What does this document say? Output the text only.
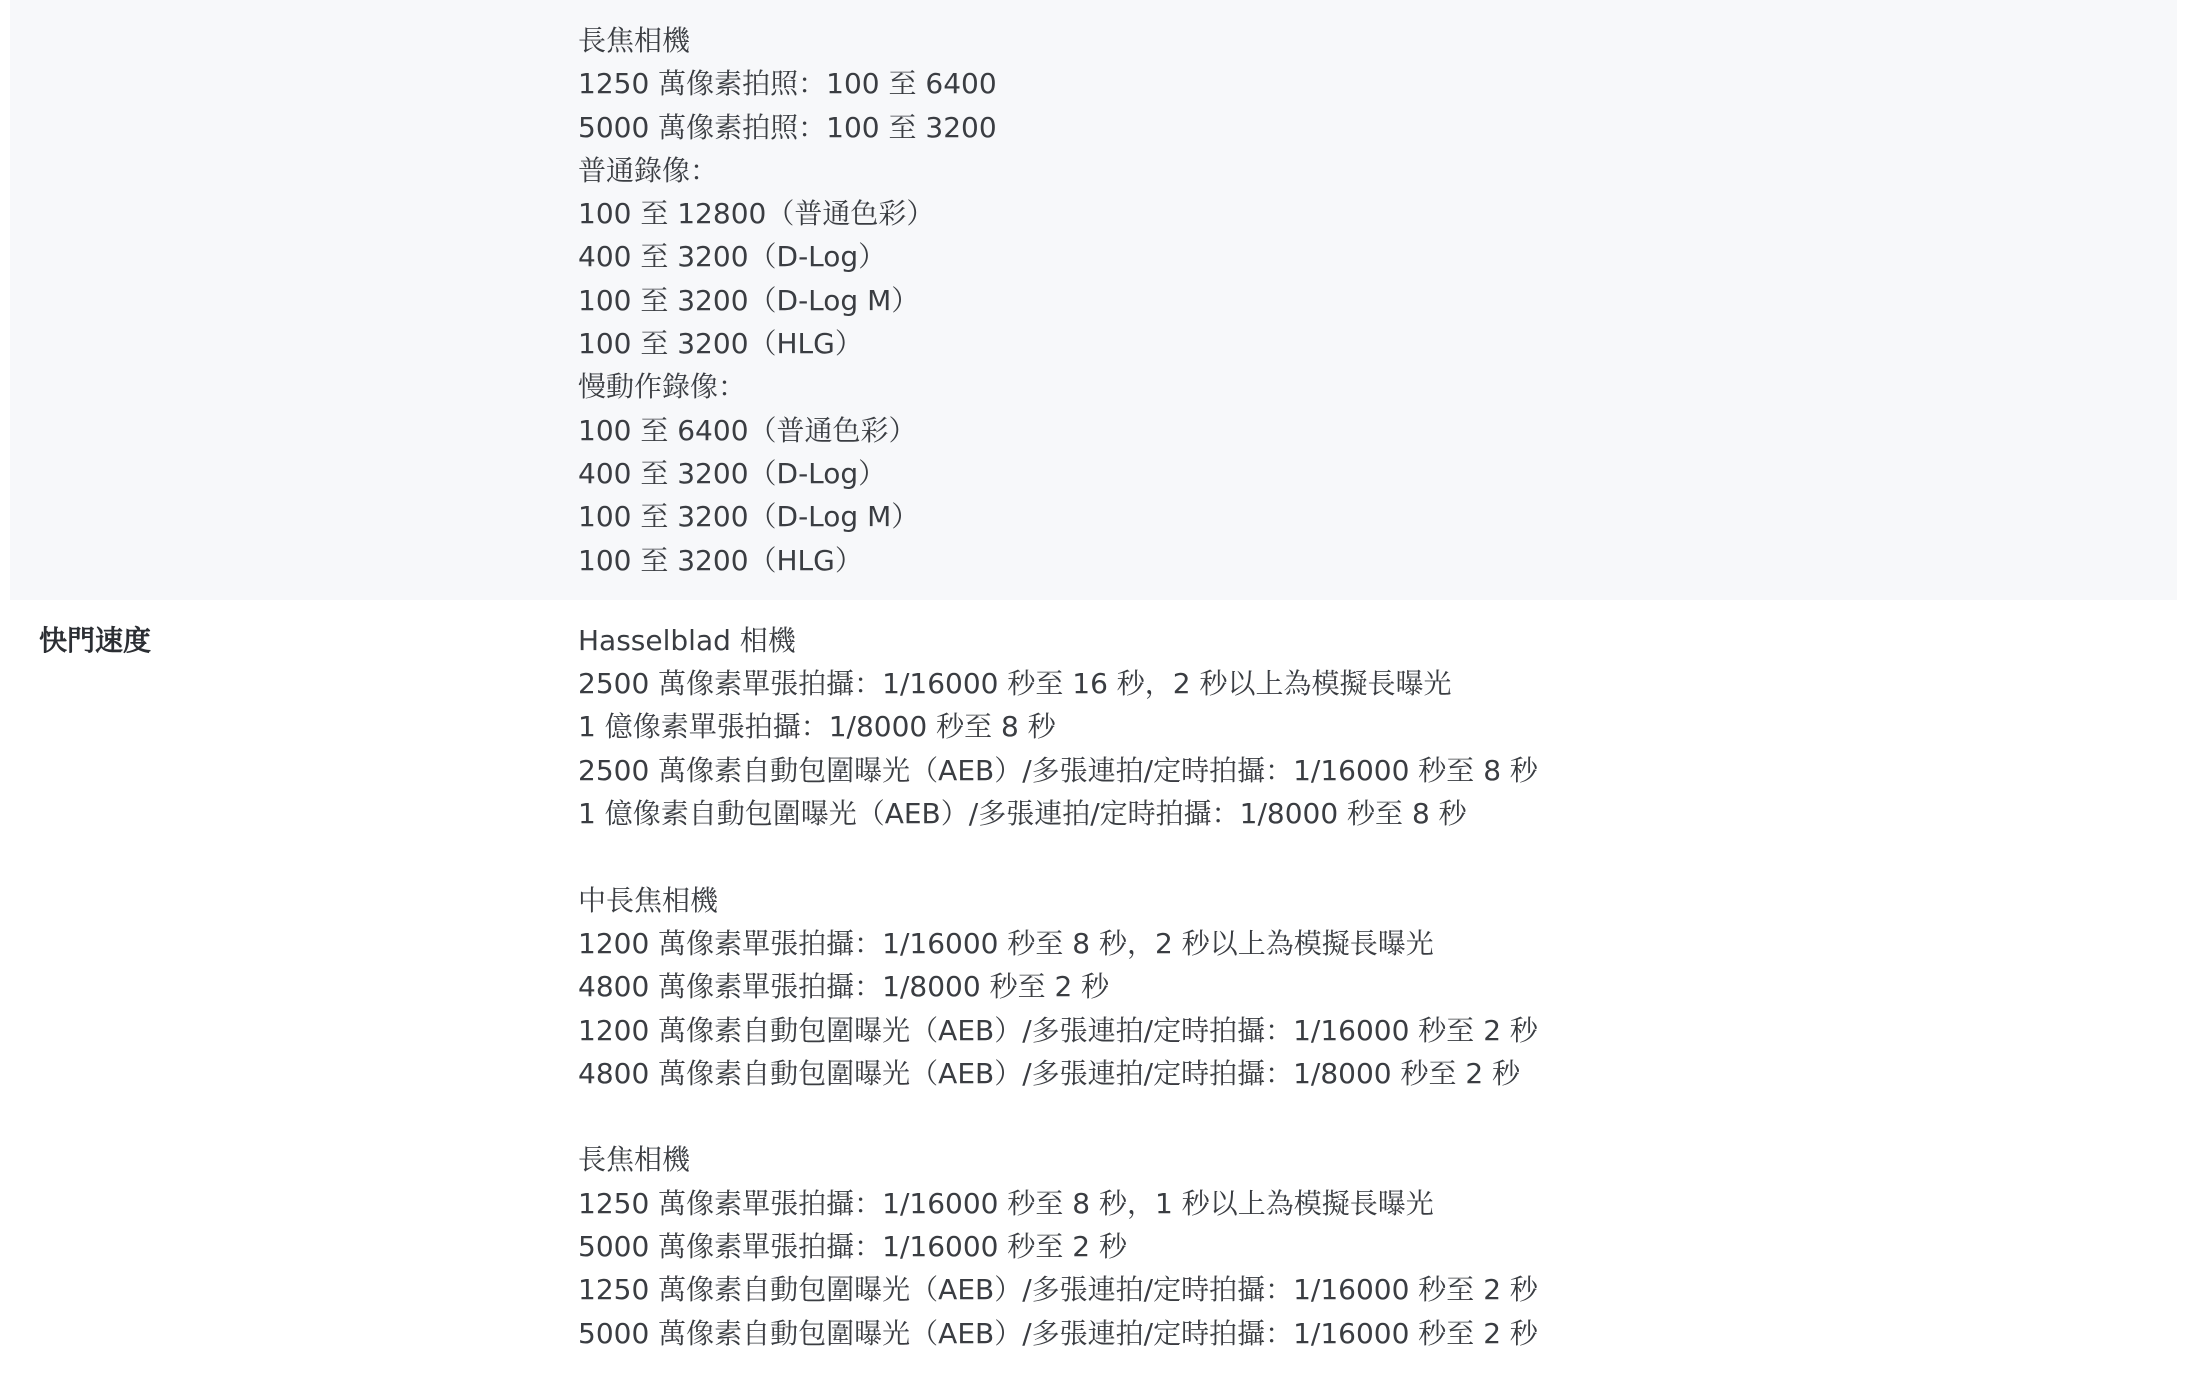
長焦相機
1250 萬像素拍照：100 至 6400
5000 萬像素拍照：100 至 3200
普通錄像：
100 至 12800（普通色彩）
400 至 3200（D-Log）
100 至 3200（D-Log M）
100 至 3200（HLG）
慢動作錄像：
100 至 6400（普通色彩）
400 至 3200（D-Log）
100 至 3200（D-Log M）
100 至 3200（HLG）
快門速度	Hasselblad 相機
2500 萬像素單張拍攝：1/16000 秒至 16 秒，2 秒以上為模擬長曝光
1 億像素單張拍攝：1/8000 秒至 8 秒
2500 萬像素自動包圍曝光（AEB）/多張連拍/定時拍攝：1/16000 秒至 8 秒
1 億像素自動包圍曝光（AEB）/多張連拍/定時拍攝：1/8000 秒至 8 秒
中長焦相機
1200 萬像素單張拍攝：1/16000 秒至 8 秒，2 秒以上為模擬長曝光
4800 萬像素單張拍攝：1/8000 秒至 2 秒
1200 萬像素自動包圍曝光（AEB）/多張連拍/定時拍攝：1/16000 秒至 2 秒
4800 萬像素自動包圍曝光（AEB）/多張連拍/定時拍攝：1/8000 秒至 2 秒
長焦相機
1250 萬像素單張拍攝：1/16000 秒至 8 秒，1 秒以上為模擬長曝光
5000 萬像素單張拍攝：1/16000 秒至 2 秒
1250 萬像素自動包圍曝光（AEB）/多張連拍/定時拍攝：1/16000 秒至 2 秒
5000 萬像素自動包圍曝光（AEB）/多張連拍/定時拍攝：1/16000 秒至 2 秒
